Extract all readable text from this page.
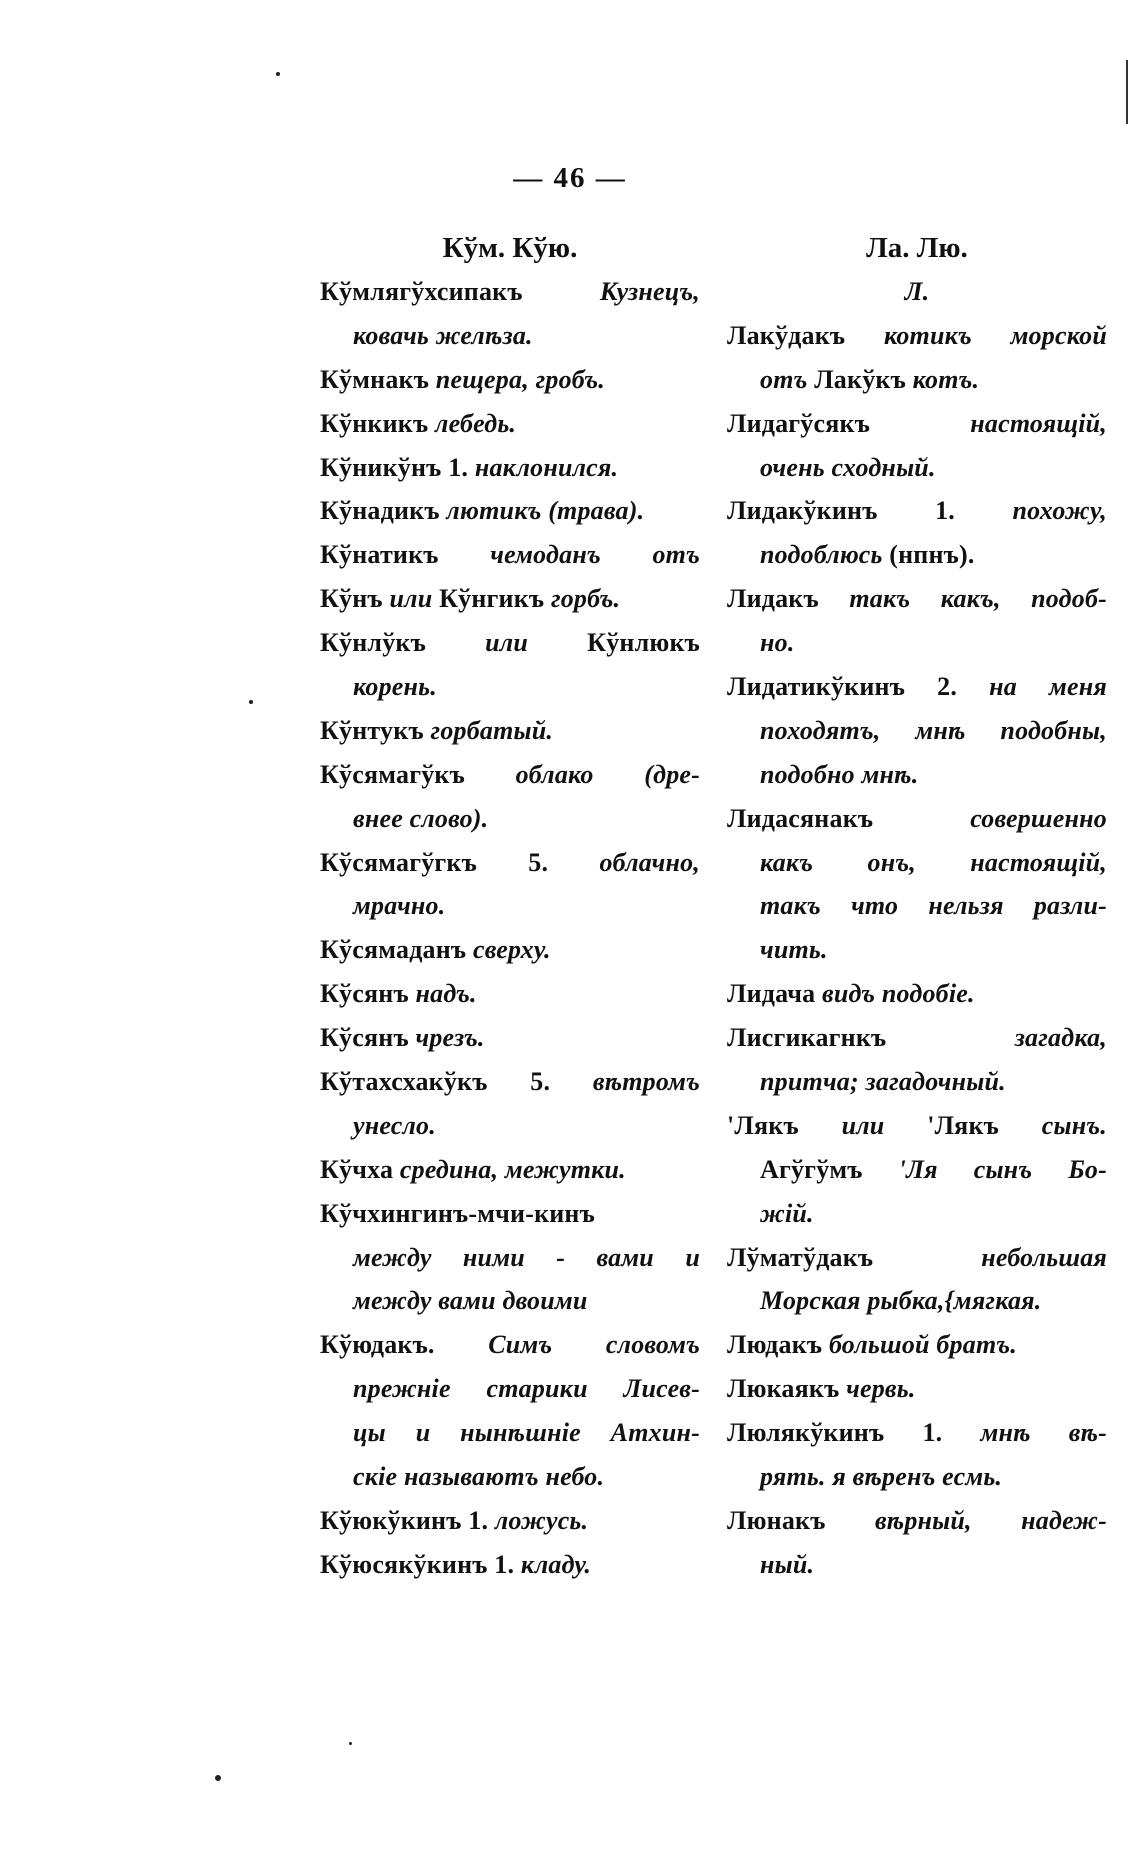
— 46 —
Кўм. Кўю.
Кўмлягўхсипакъ Кузнецъ,
ковачь желѣза.
Кўмнакъ пещера, гробъ.
Кўнкикъ лебедь.
Кўникўнъ 1. наклонился.
Кўнадикъ лютикъ (трава).
Кўнатикъ чемоданъ отъ
Кўнъ или Кўнгикъ горбъ.
Кўнлўкъ или Кўнлюкъ
корень.
Кўнтукъ горбатый.
Кўсямагўкъ облако (дре-
внее слово).
Кўсямагўгкъ 5. облачно,
мрачно.
Кўсямаданъ сверху.
Кўсянъ надъ.
Кўсянъ чрезъ.
Кўтахсхакўкъ 5. вѣтромъ
унесло.
Кўчха средина, межутки.
Кўчхингинъ-мчи-кинъ
между ними - вами и
между вами двоими
Кўюдакъ. Симъ словомъ
прежніе старики Лисев-
цы и нынѣшніе Атхин-
скіе называютъ небо.
Кўюкўкинъ 1. ложусь.
Кўюсякўкинъ 1. кладу.
Ла. Лю.
Л.
Лакўдакъ котикъ морской
отъ Лакўкъ котъ.
Лидагўсякъ настоящій,
очень сходный.
Лидакўкинъ 1. похожу,
подоблюсь (нпнъ).
Лидакъ такъ какъ, подоб-
но.
Лидатикўкинъ 2. на меня
походятъ, мнѣ подобны,
подобно мнѣ.
Лидасянакъ совершенно
какъ онъ, настоящій,
такъ что нельзя разли-
чить.
Лидача видъ подобіе.
Лисгикагнкъ загадка,
притча; загадочный.
'Лякъ или 'Лякъ сынъ.
Агўгўмъ 'Ля сынъ Бо-
жій.
Лўматўдакъ небольшая
Морская рыбка,{мягкая.
Людакъ большой братъ.
Люкаякъ червь.
Люлякўкинъ 1. мнѣ вѣ-
рять. я вѣренъ есмь.
Люнакъ вѣрный, надеж-
ный.
